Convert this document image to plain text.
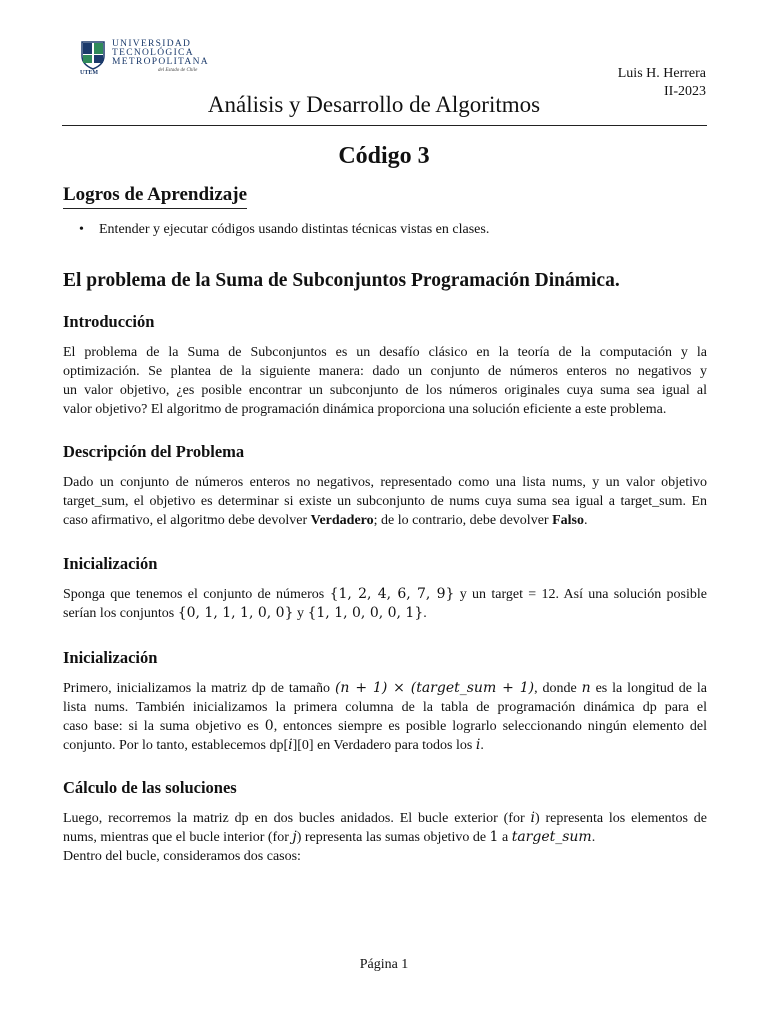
UTEM
UNIVERSIDAD
TECNOLÓGICA
METROPOLITANA
del Estado de Chile	Luis H. Herrera
II-2023
Análisis y Desarrollo de Algoritmos
Código 3
Logros de Aprendizaje
• Entender y ejecutar códigos usando distintas técnicas vistas en clases.
El problema de la Suma de Subconjuntos Programación Dinámica.
Introducción
El problema de la Suma de Subconjuntos es un desafío clásico en la teoría de la computación y la
optimización. Se plantea de la siguiente manera: dado un conjunto de números enteros no negativos y
un valor objetivo, ¿es posible encontrar un subconjunto de los números originales cuya suma sea igual al
valor objetivo? El algoritmo de programación dinámica proporciona una solución eficiente a este problema.
Descripción del Problema
Dado un conjunto de números enteros no negativos, representado como una lista nums, y un valor objetivo
target_sum, el objetivo es determinar si existe un subconjunto de nums cuya suma sea igual a target_sum. En
caso afirmativo, el algoritmo debe devolver Verdadero; de lo contrario, debe devolver Falso.
Inicialización
Sponga que tenemos el conjunto de números {1, 2, 4, 6, 7, 9} y un target = 12. Así una solución posible
serían los conjuntos {0, 1, 1, 1, 0, 0} y {1, 1, 0, 0, 0, 1}.
Inicialización
Primero, inicializamos la matriz dp de tamaño (n + 1) × (target_sum + 1), donde n es la longitud de la
lista nums. También inicializamos la primera columna de la tabla de programación dinámica dp para el
caso base: si la suma objetivo es 0, entonces siempre es posible lograrlo seleccionando ningún elemento del
conjunto. Por lo tanto, establecemos dp[i][0] en Verdadero para todos los i.
Cálculo de las soluciones
Luego, recorremos la matriz dp en dos bucles anidados. El bucle exterior (for i) representa los elementos de
nums, mientras que el bucle interior (for j) representa las sumas objetivo de 1 a target_sum.
Dentro del bucle, consideramos dos casos:
Página 1
